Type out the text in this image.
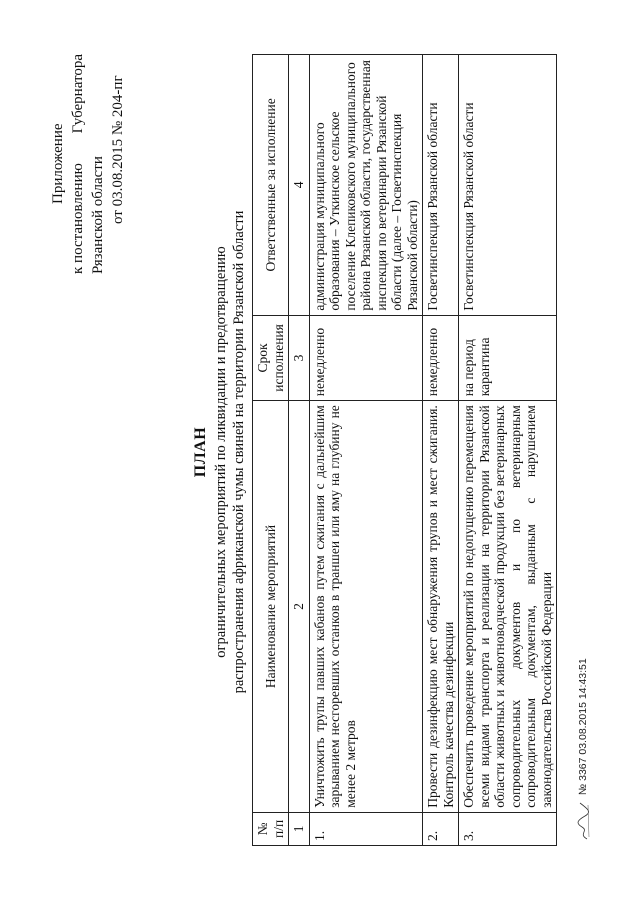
Приложение к постановлению
Губернатора
Рязанской области от 03.08.2015 № 204-пг
ПЛАН ограничительных мероприятий по ликвидации и предотвращению распространения африканской чумы свиней на территории Рязанской области
№ п/п	Наименование мероприятий	Срок исполнения	Ответственные за исполнение
1	2	3	4
1.	Уничтожить трупы павших кабанов путем сжигания с дальнейшим зарыванием несгоревших останков в траншеи или яму на глубину не менее 2 метров	немедленно	администрация муниципального образования – Уткинское сельское поселение Клепиковского муниципального района Рязанской области, государственная инспекция по ветеринарии Рязанской области (далее – Госветинспекция Рязанской области)
2.	Провести дезинфекцию мест обнаружения трупов и мест сжигания. Контроль качества дезинфекции	немедленно	Госветинспекция Рязанской области
3.	Обеспечить проведение мероприятий по недопущению перемещения всеми видами транспорта и реализации на территории Рязанской области животных и животноводческой продукции без ветеринарных сопроводительных документов и по ветеринарным сопроводительным документам, выданным с нарушением законодательства Российской Федерации	на период карантина	Госветинспекция Рязанской области
№ 3367 03.08.2015 14:43:51
